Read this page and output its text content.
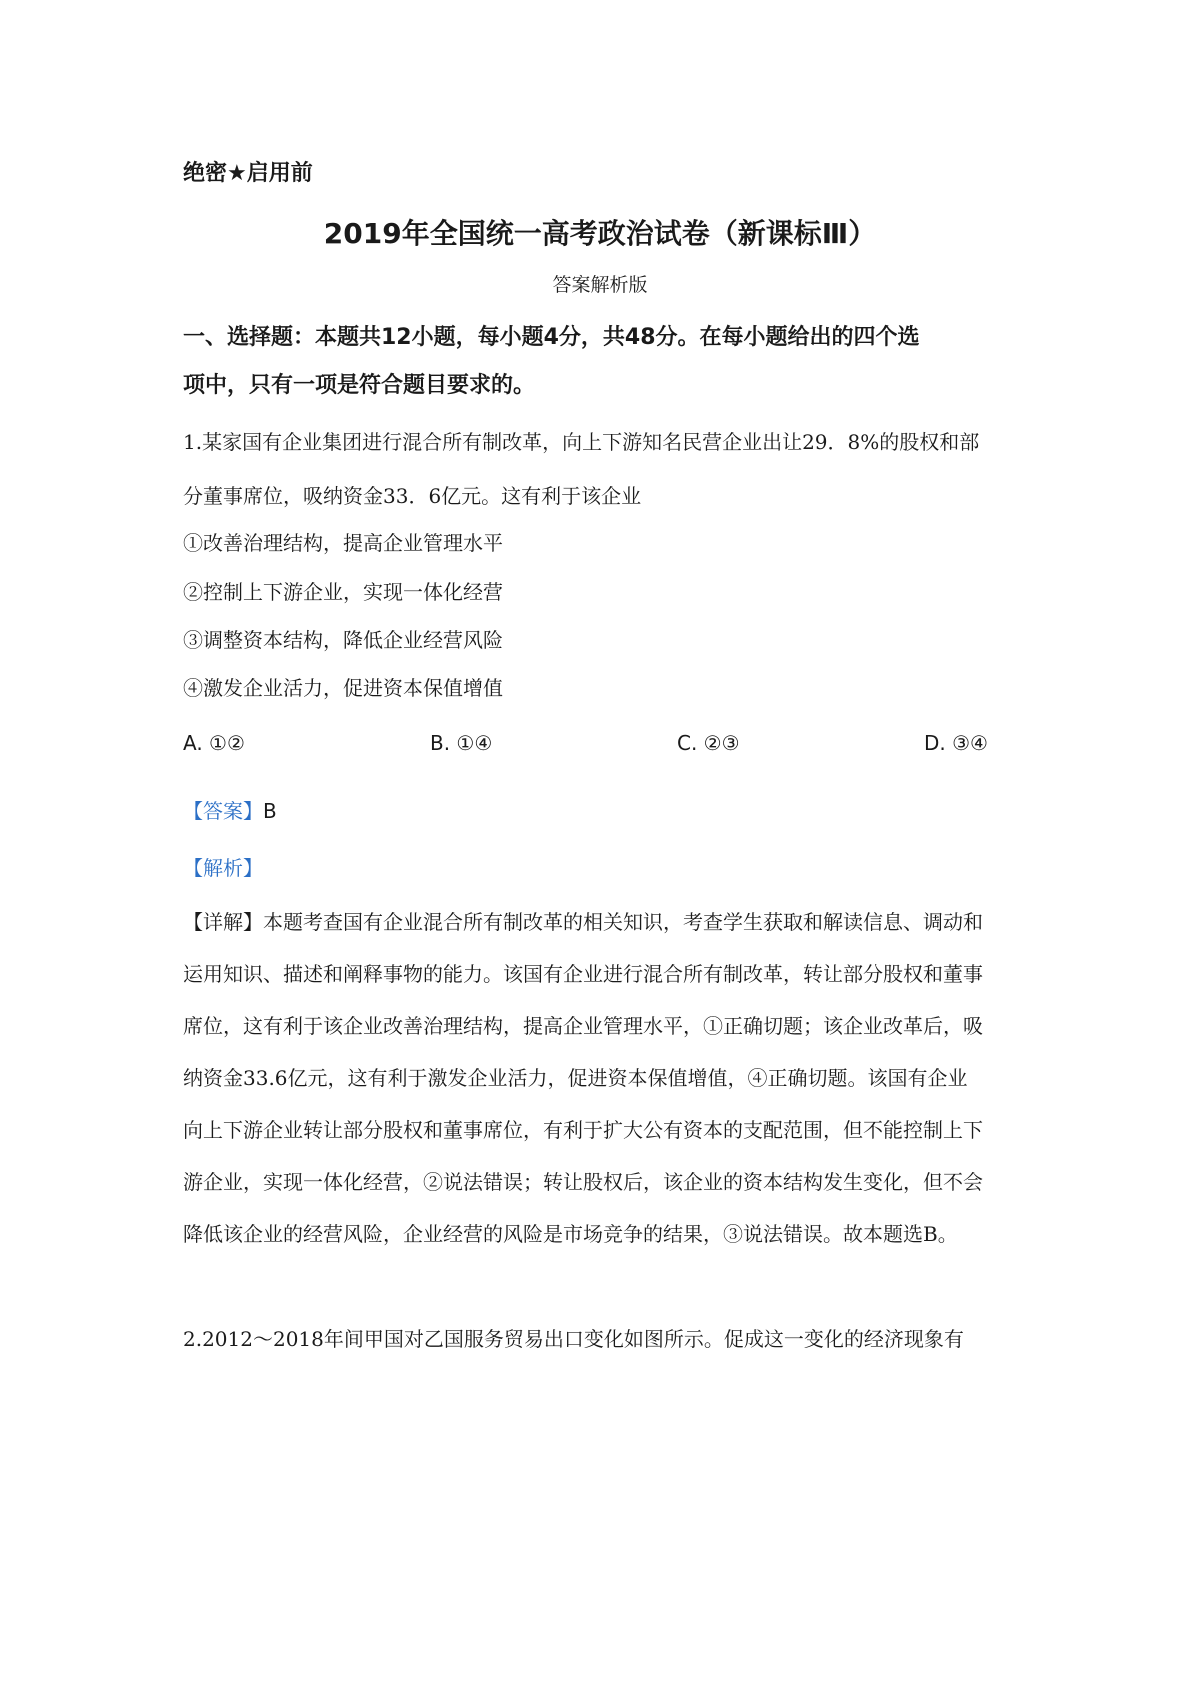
绝密★启用前
2019年全国统一高考政治试卷（新课标Ⅲ）
答案解析版
一、选择题：本题共12小题，每小题4分，共48分。在每小题给出的四个选
项中，只有一项是符合题目要求的。
1.某家国有企业集团进行混合所有制改革，向上下游知名民营企业出让29．8%的股权和部
分董事席位，吸纳资金33．6亿元。这有利于该企业
①改善治理结构，提高企业管理水平
②控制上下游企业，实现一体化经营
③调整资本结构，降低企业经营风险
④激发企业活力，促进资本保值增值
A. ①②	B. ①④	C. ②③	D. ③④
【答案】B
【解析】
【详解】本题考查国有企业混合所有制改革的相关知识，考查学生获取和解读信息、调动和
运用知识、描述和阐释事物的能力。该国有企业进行混合所有制改革，转让部分股权和董事
席位，这有利于该企业改善治理结构，提高企业管理水平，①正确切题；该企业改革后，吸
纳资金33.6亿元，这有利于激发企业活力，促进资本保值增值，④正确切题。该国有企业
向上下游企业转让部分股权和董事席位，有利于扩大公有资本的支配范围，但不能控制上下
游企业，实现一体化经营，②说法错误；转让股权后，该企业的资本结构发生变化，但不会
降低该企业的经营风险，企业经营的风险是市场竞争的结果，③说法错误。故本题选B。
2.2012～2018年间甲国对乙国服务贸易出口变化如图所示。促成这一变化的经济现象有
